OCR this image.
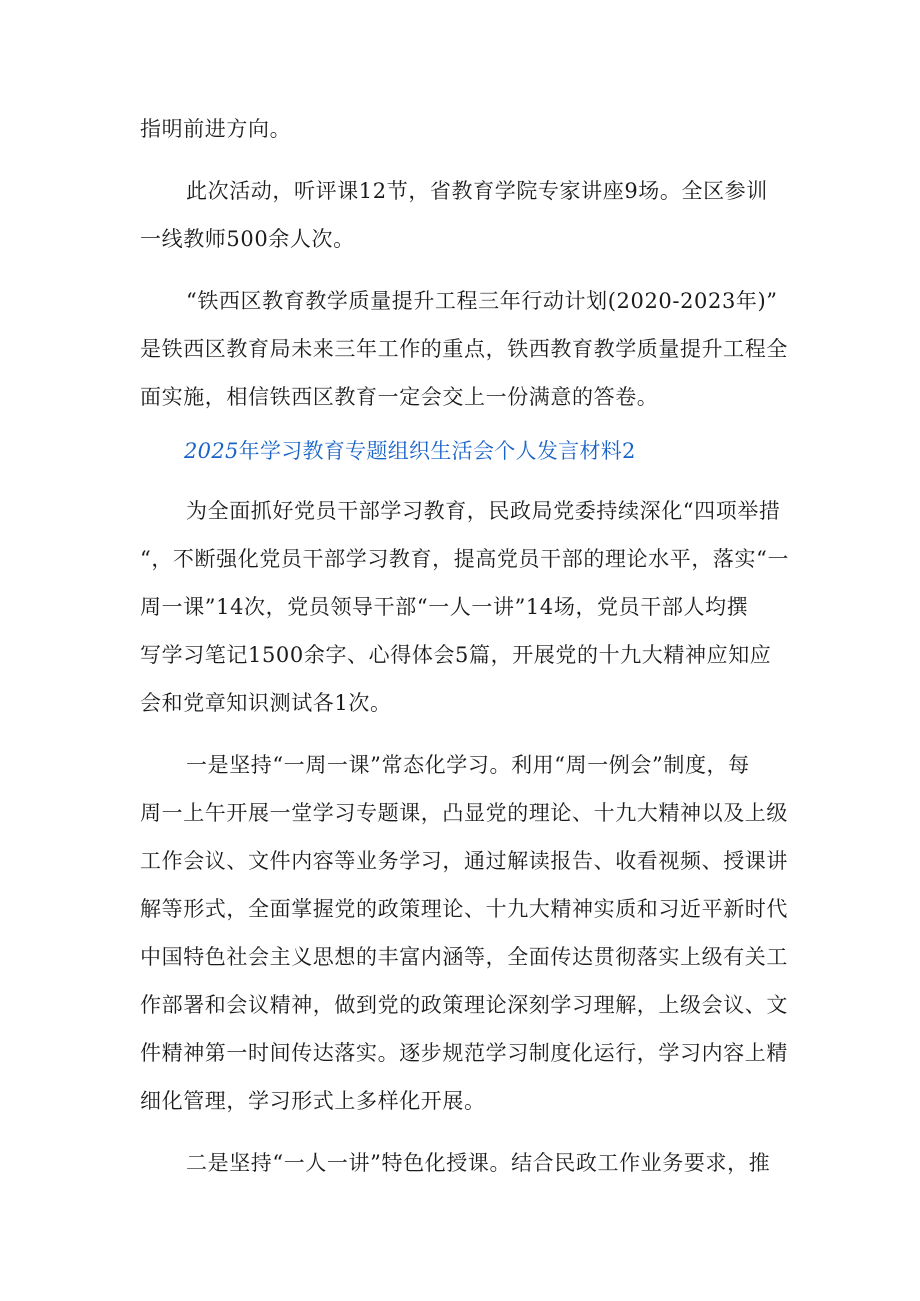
指明前进方向。
此次活动，听评课12节，省教育学院专家讲座9场。全区参训
一线教师500余人次。
“铁西区教育教学质量提升工程三年行动计划(2020-2023年)”
是铁西区教育局未来三年工作的重点，铁西教育教学质量提升工程全
面实施，相信铁西区教育一定会交上一份满意的答卷。
2025年学习教育专题组织生活会个人发言材料2
为全面抓好党员干部学习教育，民政局党委持续深化“四项举措
“，不断强化党员干部学习教育，提高党员干部的理论水平，落实“一
周一课”14次，党员领导干部“一人一讲”14场，党员干部人均撰
写学习笔记1500余字、心得体会5篇，开展党的十九大精神应知应
会和党章知识测试各1次。
一是坚持“一周一课”常态化学习。利用“周一例会”制度，每
周一上午开展一堂学习专题课，凸显党的理论、十九大精神以及上级
工作会议、文件内容等业务学习，通过解读报告、收看视频、授课讲
解等形式，全面掌握党的政策理论、十九大精神实质和习近平新时代
中国特色社会主义思想的丰富内涵等，全面传达贯彻落实上级有关工
作部署和会议精神，做到党的政策理论深刻学习理解，上级会议、文
件精神第一时间传达落实。逐步规范学习制度化运行，学习内容上精
细化管理，学习形式上多样化开展。
二是坚持“一人一讲”特色化授课。结合民政工作业务要求，推
